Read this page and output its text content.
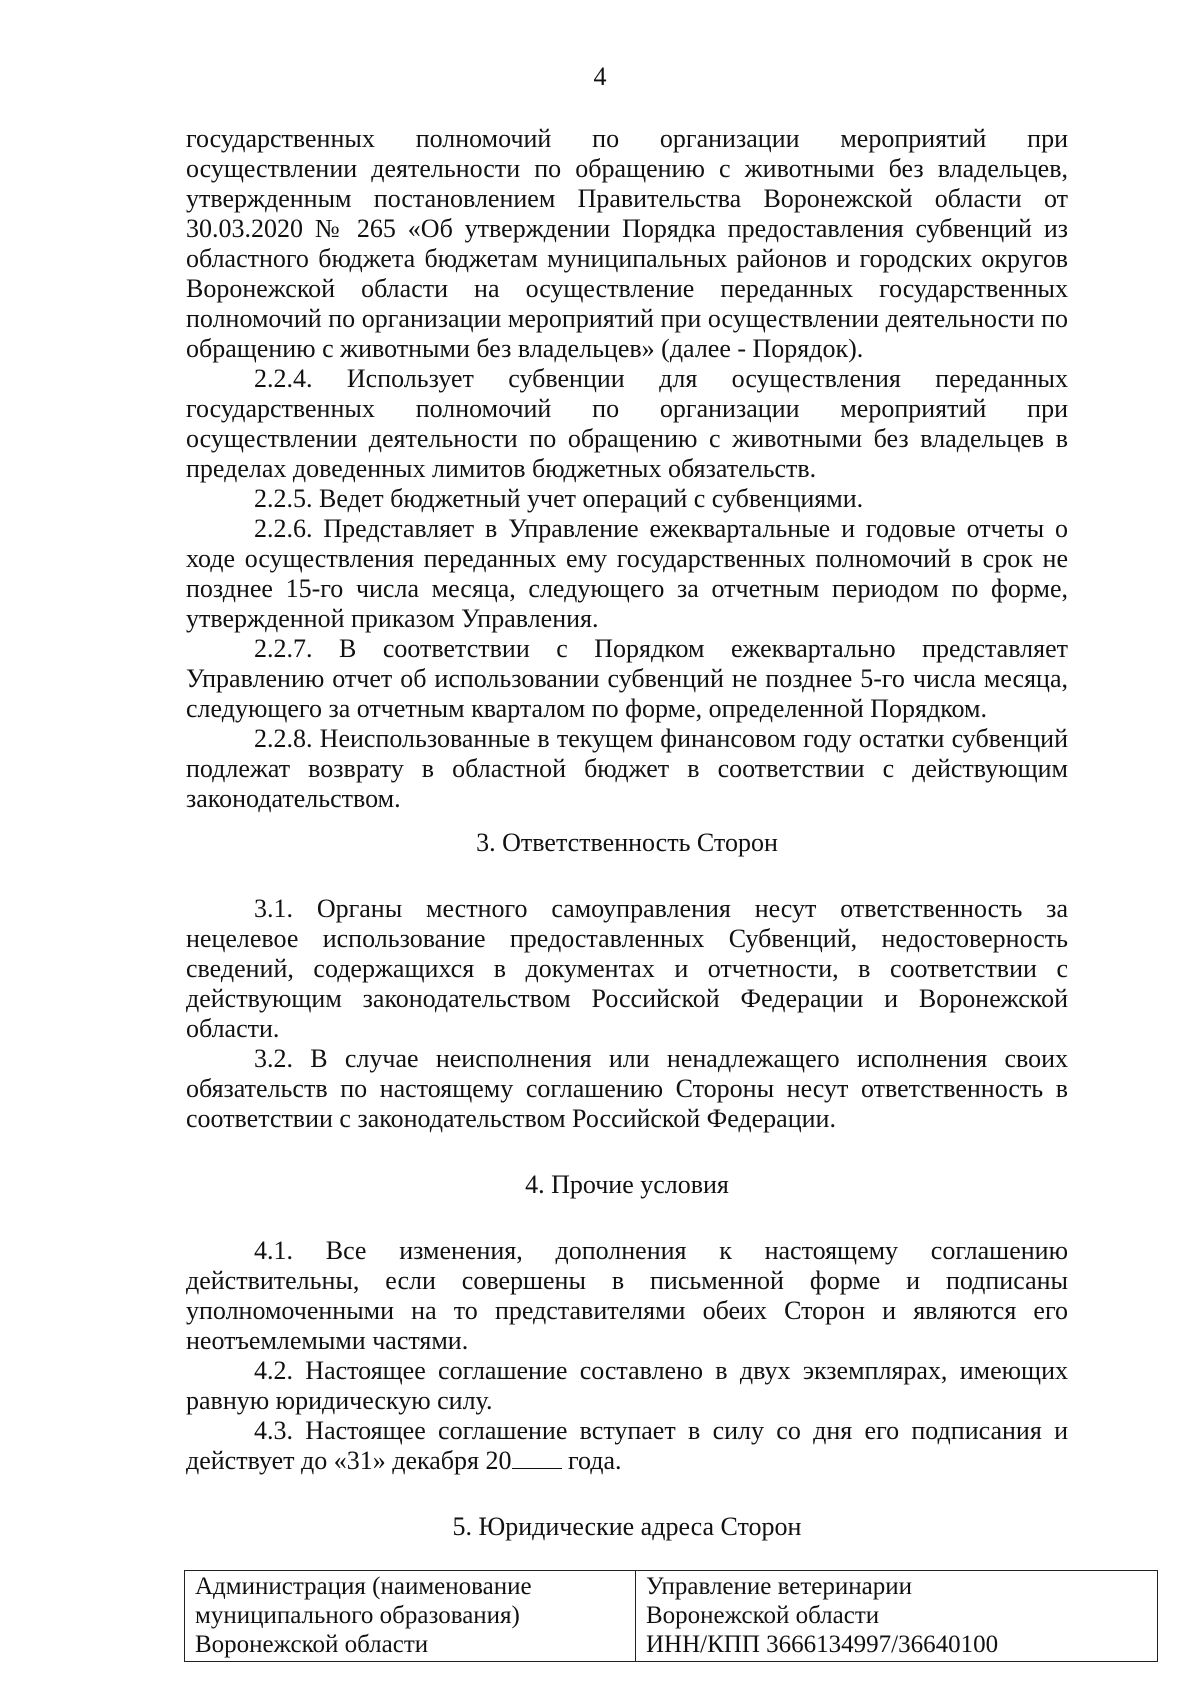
4

государственных полномочий по организации мероприятий при осуществлении деятельности по обращению с животными без владельцев, утвержденным постановлением Правительства Воронежской области от 30.03.2020 № 265 «Об утверждении Порядка предоставления субвенций из областного бюджета бюджетам муниципальных районов и городских округов Воронежской области на осуществление переданных государственных полномочий по организации мероприятий при осуществлении деятельности по обращению с животными без владельцев» (далее - Порядок).

2.2.4. Использует субвенции для осуществления переданных государственных полномочий по организации мероприятий при осуществлении деятельности по обращению с животными без владельцев в пределах доведенных лимитов бюджетных обязательств.

2.2.5. Ведет бюджетный учет операций с субвенциями.

2.2.6. Представляет в Управление ежеквартальные и годовые отчеты о ходе осуществления переданных ему государственных полномочий в срок не позднее 15-го числа месяца, следующего за отчетным периодом по форме, утвержденной приказом Управления.

2.2.7. В соответствии с Порядком ежеквартально представляет Управлению отчет об использовании субвенций не позднее 5-го числа месяца, следующего за отчетным кварталом по форме, определенной Порядком.

2.2.8. Неиспользованные в текущем финансовом году остатки субвенций подлежат возврату в областной бюджет в соответствии с действующим законодательством.

3. Ответственность Сторон

3.1. Органы местного самоуправления несут ответственность за нецелевое использование предоставленных Субвенций, недостоверность сведений, содержащихся в документах и отчетности, в соответствии с действующим законодательством Российской Федерации и Воронежской области.

3.2. В случае неисполнения или ненадлежащего исполнения своих обязательств по настоящему соглашению Стороны несут ответственность в соответствии с законодательством Российской Федерации.

4. Прочие условия

4.1. Все изменения, дополнения к настоящему соглашению действительны, если совершены в письменной форме и подписаны уполномоченными на то представителями обеих Сторон и являются его неотъемлемыми частями.

4.2. Настоящее соглашение составлено в двух экземплярах, имеющих равную юридическую силу.

4.3. Настоящее соглашение вступает в силу со дня его подписания и действует до «31» декабря 20 года.

5. Юридические адреса Сторон

Администрация (наименование
муниципального образования)
Воронежской области

Управление ветеринарии
Воронежской области
ИНН/КПП 3666134997/36640100
